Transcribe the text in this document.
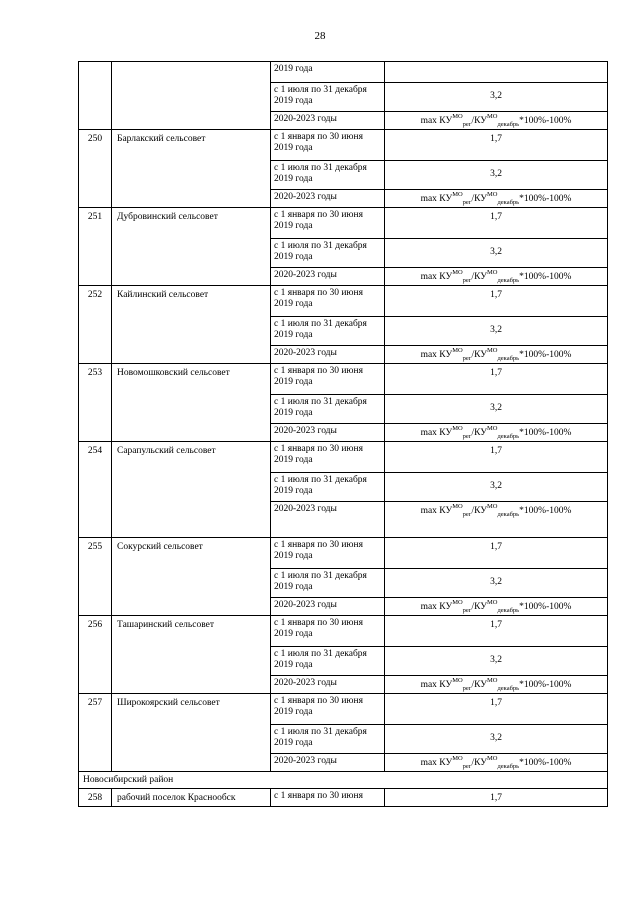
28
		2019 года	
		с 1 июля по 31 декабря 2019 года	3,2
		2020-2023 годы	$\max КУ^{МО}_{рег}/КУ^{МО}_{декабрь}*100\%-100\%$
250	Барлакский сельсовет	с 1 января по 30 июня 2019 года	1,7
		с 1 июля по 31 декабря 2019 года	3,2
		2020-2023 годы	$\max КУ^{МО}_{рег}/КУ^{МО}_{декабрь}*100\%-100\%$
251	Дубровинский сельсовет	с 1 января по 30 июня 2019 года	1,7
		с 1 июля по 31 декабря 2019 года	3,2
		2020-2023 годы	$\max КУ^{МО}_{рег}/КУ^{МО}_{декабрь}*100\%-100\%$
252	Кайлинский сельсовет	с 1 января по 30 июня 2019 года	1,7
		с 1 июля по 31 декабря 2019 года	3,2
		2020-2023 годы	$\max КУ^{МО}_{рег}/КУ^{МО}_{декабрь}*100\%-100\%$
253	Новомошковский сельсовет	с 1 января по 30 июня 2019 года	1,7
		с 1 июля по 31 декабря 2019 года	3,2
		2020-2023 годы	$\max КУ^{МО}_{рег}/КУ^{МО}_{декабрь}*100\%-100\%$
254	Сарапульский сельсовет	с 1 января по 30 июня 2019 года	1,7
		с 1 июля по 31 декабря 2019 года	3,2
		2020-2023 годы	$\max КУ^{МО}_{рег}/КУ^{МО}_{декабрь}*100\%-100\%$
255	Сокурский сельсовет	с 1 января по 30 июня 2019 года	1,7
		с 1 июля по 31 декабря 2019 года	3,2
		2020-2023 годы	$\max КУ^{МО}_{рег}/КУ^{МО}_{декабрь}*100\%-100\%$
256	Ташаринский сельсовет	с 1 января по 30 июня 2019 года	1,7
		с 1 июля по 31 декабря 2019 года	3,2
		2020-2023 годы	$\max КУ^{МО}_{рег}/КУ^{МО}_{декабрь}*100\%-100\%$
257	Широкоярский сельсовет	с 1 января по 30 июня 2019 года	1,7
		с 1 июля по 31 декабря 2019 года	3,2
		2020-2023 годы	$\max КУ^{МО}_{рег}/КУ^{МО}_{декабрь}*100\%-100\%$
Новосибирский район			
258	рабочий поселок Краснообск	с 1 января по 30 июня	1,7
